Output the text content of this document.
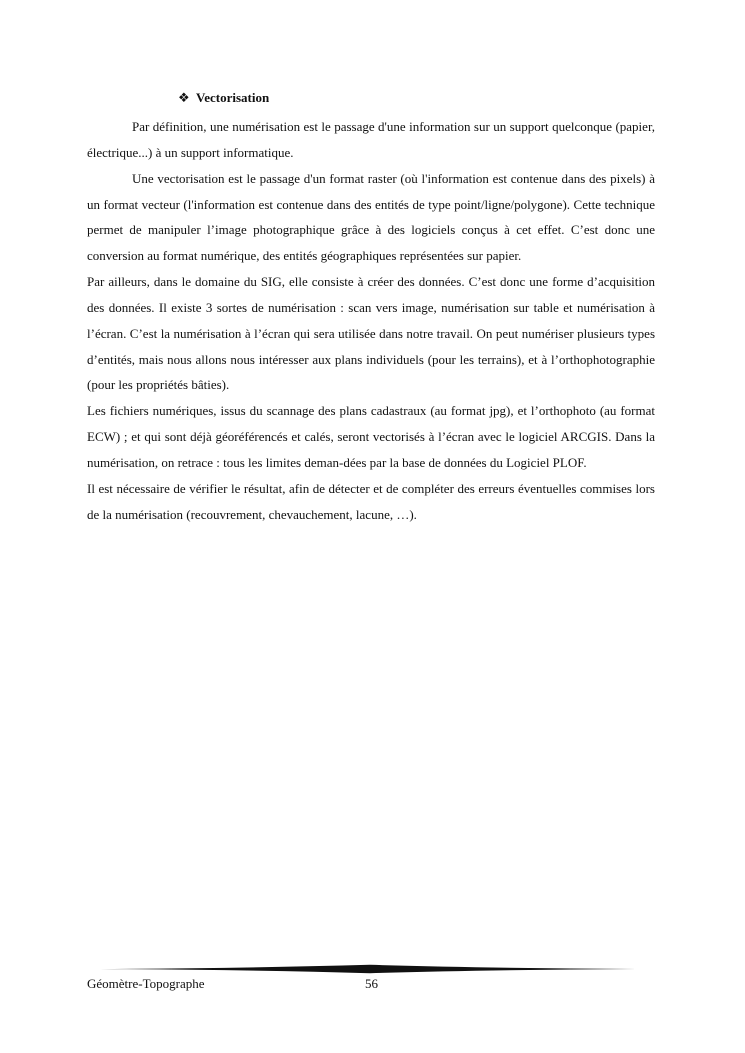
❖ Vectorisation

Par définition, une numérisation est le passage d'une information sur un support quelconque (papier, électrique...) à un support informatique.

Une vectorisation est le passage d'un format raster (où l'information est contenue dans des pixels) à un format vecteur (l'information est contenue dans des entités de type point/ligne/polygone). Cette technique permet de manipuler l’image photographique grâce à des logiciels conçus à cet effet. C’est donc une conversion au format numérique, des entités géographiques représentées sur papier.

Par ailleurs, dans le domaine du SIG, elle consiste à créer des données. C’est donc une forme d’acquisition des données. Il existe 3 sortes de numérisation : scan vers image, numérisation sur table et numérisation à l’écran. C’est la numérisation à l’écran qui sera utilisée dans notre travail. On peut numériser plusieurs types d’entités, mais nous allons nous intéresser aux plans individuels (pour les terrains), et à l’orthophotographie (pour les propriétés bâties).

Les fichiers numériques, issus du scannage des plans cadastraux (au format jpg), et l’orthophoto (au format ECW) ; et qui sont déjà géoréférencés et calés, seront vectorisés à l’écran avec le logiciel ARCGIS. Dans la numérisation, on retrace : tous les limites deman-dées par la base de données du Logiciel PLOF.

Il est nécessaire de vérifier le résultat, afin de détecter et de compléter des erreurs éventuelles commises lors de la numérisation (recouvrement, chevauchement, lacune, …).

Géomètre-Topographe	56
